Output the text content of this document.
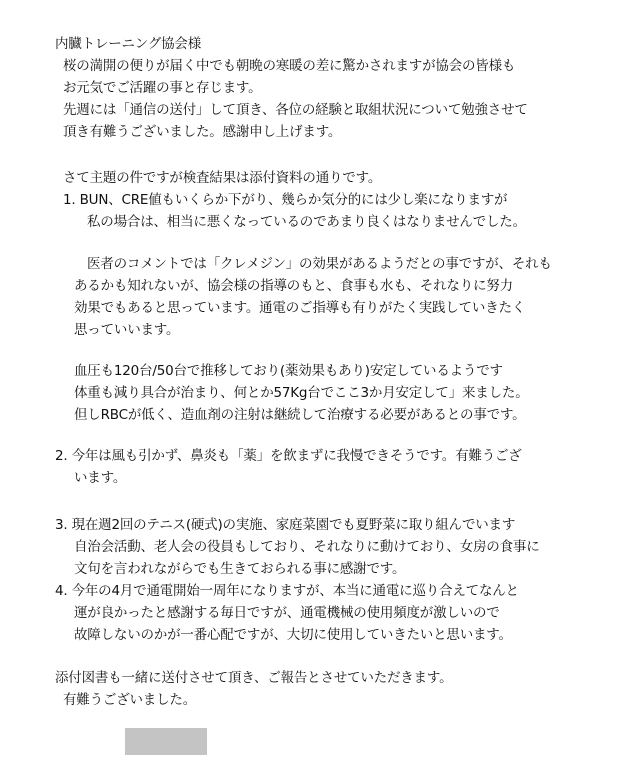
内臓トレーニング協会様
桜の満開の便りが届く中でも朝晩の寒暖の差に驚かされますが協会の皆様も
お元気でご活躍の事と存じます。
先週には「通信の送付」して頂き、各位の経験と取組状況について勉強させて
頂き有難うございました。感謝申し上げます。
さて主題の件ですが検査結果は添付資料の通りです。
1. BUN、CRE値もいくらか下がり、幾らか気分的には少し楽になりますが
私の場合は、相当に悪くなっているのであまり良くはなりませんでした。
医者のコメントでは「クレメジン」の効果があるようだとの事ですが、それも
あるかも知れないが、協会様の指導のもと、食事も水も、それなりに努力
効果でもあると思っています。通電のご指導も有りがたく実践していきたく
思っていいます。
血圧も120台/50台で推移しており(薬効果もあり)安定しているようです
体重も減り具合が治まり、何とか57Kg台でここ3か月安定して」来ました。
但しRBCが低く、造血剤の注射は継続して治療する必要があるとの事です。
2. 今年は風も引かず、鼻炎も「薬」を飲まずに我慢できそうです。有難うござ
います。
3. 現在週2回のテニス(硬式)の実施、家庭菜園でも夏野菜に取り組んでいます
自治会活動、老人会の役員もしており、それなりに動けており、女房の食事に
文句を言われながらでも生きておられる事に感謝です。
4. 今年の4月で通電開始一周年になりますが、本当に通電に巡り合えてなんと
運が良かったと感謝する毎日ですが、通電機械の使用頻度が激しいので
故障しないのかが一番心配ですが、大切に使用していきたいと思います。
添付図書も一緒に送付させて頂き、ご報告とさせていただきます。
有難うございました。
